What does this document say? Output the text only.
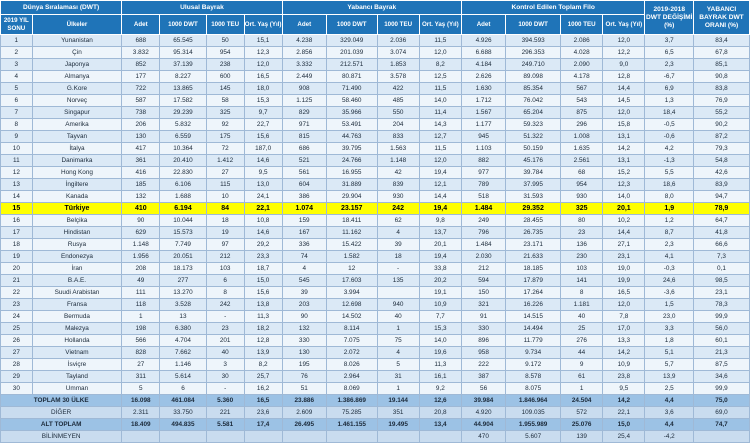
Dünya Sıralaması (DWT)		Ulusal Bayrak				Yabancı Bayrak				Kontrol Edilen Toplam Filo				2019-2018 DWT DEĞİŞİMİ (%)	YABANCI BAYRAK DWT ORANI (%)
2019 YIL SONU	Ülkeler	Adet	1000 DWT	1000 TEU	Ort. Yaş (Yıl)	Adet	1000 DWT	1000 TEU	Ort. Yaş (Yıl)	Adet	1000 DWT	1000 TEU	Ort. Yaş (Yıl)		
1	Yunanistan	688	65.545	50	15,1	4.238	329.049	2.036	11,5	4.926	394.593	2.086	12,0	3,7	83,4
2	Çin	3.832	95.314	954	12,3	2.856	201.039	3.074	12,0	6.688	296.353	4.028	12,2	6,5	67,8
3	Japonya	852	37.139	238	12,0	3.332	212.571	1.853	8,2	4.184	249.710	2.090	9,0	2,3	85,1
4	Almanya	177	8.227	600	16,5	2.449	80.871	3.578	12,5	2.626	89.098	4.178	12,8	-6,7	90,8
5	G.Kore	722	13.865	145	18,0	908	71.490	422	11,5	1.630	85.354	567	14,4	6,9	83,8
6	Norveç	587	17.582	58	15,3	1.125	58.460	485	14,0	1.712	76.042	543	14,5	1,3	76,9
7	Singapur	738	29.239	325	9,7	829	35.966	550	11,4	1.567	65.204	875	12,0	18,4	55,2
8	Amerika	206	5.832	92	22,7	971	53.491	204	14,3	1.177	59.323	296	15,8	-0,5	90,2
9	Tayvan	130	6.559	175	15,6	815	44.763	833	12,7	945	51.322	1.008	13,1	-0,6	87,2
10	İtalya	417	10.364	72	187,0	686	39.795	1.563	11,5	1.103	50.159	1.635	14,2	4,2	79,3
11	Danimarka	361	20.410	1.412	14,6	521	24.766	1.148	12,0	882	45.176	2.561	13,1	-1,3	54,8
12	Hong Kong	416	22.830	27	9,5	561	16.955	42	19,4	977	39.784	68	15,2	5,5	42,6
13	İngiltere	185	6.106	115	13,0	604	31.889	839	12,1	789	37.995	954	12,3	18,6	83,9
14	Kanada	132	1.688	10	24,1	386	29.904	930	14,4	518	31.593	930	14,0	8,0	94,7
15	Türkiye	410	6.194	84	22,1	1.074	23.157	242	19,4	1.484	29.352	325	20,1	1,9	78,9
16	Belçika	90	10.044	18	10,8	159	18.411	62	9,8	249	28.455	80	10,2	1,2	64,7
17	Hindistan	629	15.573	19	14,6	167	11.162	4	13,7	796	26.735	23	14,4	8,7	41,8
18	Rusya	1.148	7.749	97	29,2	336	15.422	39	20,1	1.484	23.171	136	27,1	2,3	66,6
19	Endonezya	1.956	20.051	212	23,3	74	1.582	18	19,4	2.030	21.633	230	23,1	4,1	7,3
20	İran	208	18.173	103	18,7	4	12	-	33,8	212	18.185	103	19,0	-0,3	0,1
21	B.A.E.	49	277	6	15,0	545	17.603	135	20,2	594	17.879	141	19,9	24,6	98,5
22	Suudi Arabistan	111	13.270	8	15,6	39	3.994		19,1	150	17.264	8	16,5	-3,6	23,1
23	Fransa	118	3.528	242	13,8	203	12.698	940	10,9	321	16.226	1.181	12,0	1,5	78,3
24	Bermuda	1	13	-	11,3	90	14.502	40	7,7	91	14.515	40	7,8	23,0	99,9
25	Malezya	198	6.380	23	18,2	132	8.114	1	15,3	330	14.494	25	17,0	3,3	56,0
26	Hollanda	566	4.704	201	12,8	330	7.075	75	14,0	896	11.779	276	13,3	1,8	60,1
27	Vietnam	828	7.662	40	13,9	130	2.072	4	19,6	958	9.734	44	14,2	5,1	21,3
28	İsviçre	27	1.146	3	8,2	195	8.026	5	11,3	222	9.172	9	10,9	5,7	87,5
29	Tayland	311	5.614	30	25,7	76	2.964	31	16,1	387	8.578	61	23,8	13,9	34,6
30	Umman	5	6	-	16,2	51	8.069	1	9,2	56	8.075	1	9,5	2,5	99,9
TOPLAM 30 ÜLKE		16.098	461.084	5.360	16,5	23.886	1.386.869	19.144	12,6	39.984	1.846.964	24.504	14,2	4,4	75,0
DİĞER		2.311	33.750	221	23,6	2.609	75.285	351	20,8	4.920	109.035	572	22,1	3,6	69,0
ALT TOPLAM		18.409	494.835	5.581	17,4	26.495	1.461.155	19.495	13,4	44.904	1.955.989	25.076	15,0	4,4	74,7
BİLİNMEYEN										470	5.607	139	25,4	-4,2	
